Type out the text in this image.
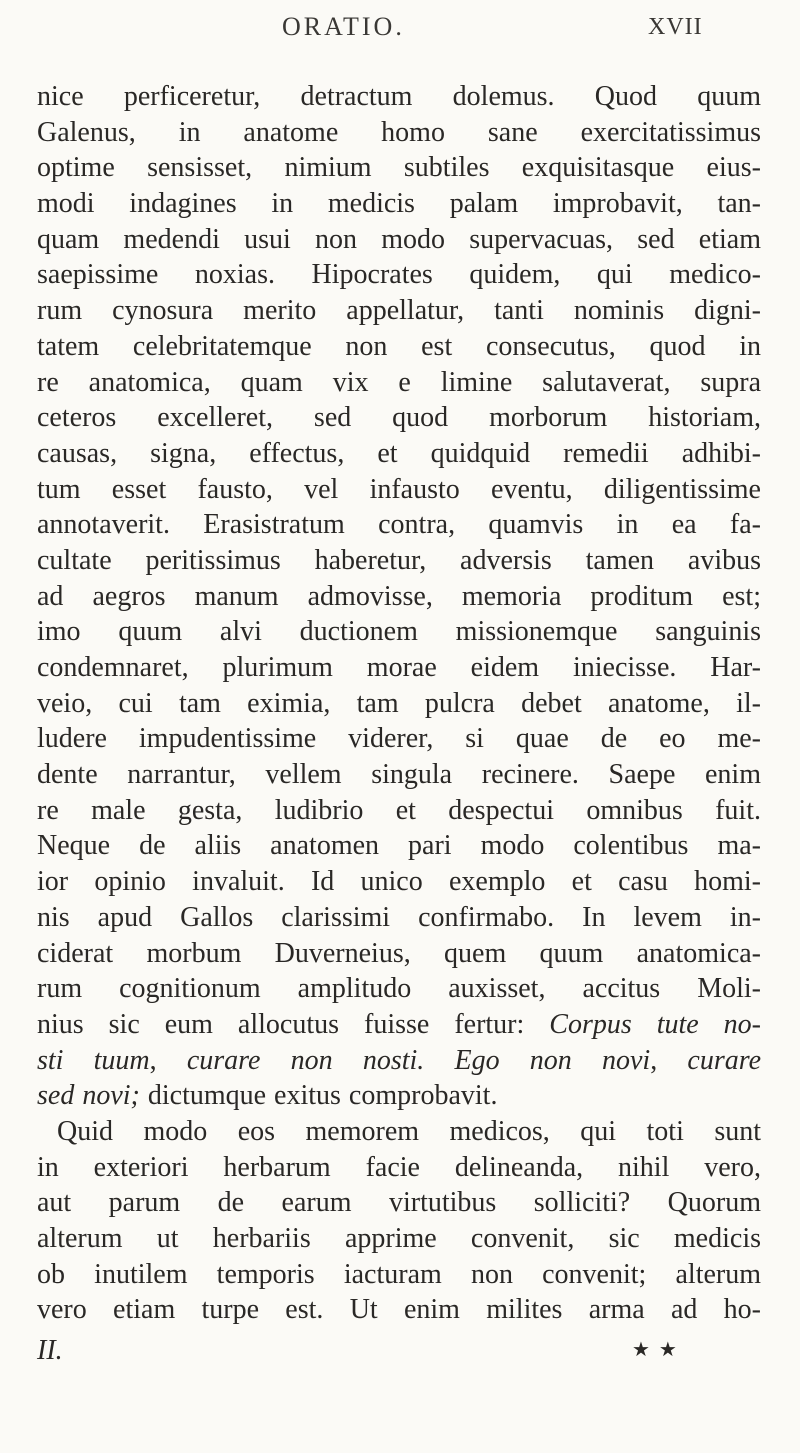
ORATIO.	XVII
nice perficeretur, detractum dolemus. Quod quum
Galenus, in anatome homo sane exercitatissimus
optime sensisset, nimium subtiles exquisitasque eius-
modi indagines in medicis palam improbavit, tan-
quam medendi usui non modo supervacuas, sed etiam
saepissime noxias. Hipocrates quidem, qui medico-
rum cynosura merito appellatur, tanti nominis digni-
tatem celebritatemque non est consecutus, quod in
re anatomica, quam vix e limine salutaverat, supra
ceteros excelleret, sed quod morborum historiam,
causas, signa, effectus, et quidquid remedii adhibi-
tum esset fausto, vel infausto eventu, diligentissime
annotaverit. Erasistratum contra, quamvis in ea fa-
cultate peritissimus haberetur, adversis tamen avibus
ad aegros manum admovisse, memoria proditum est;
imo quum alvi ductionem missionemque sanguinis
condemnaret, plurimum morae eidem iniecisse. Har-
veio, cui tam eximia, tam pulcra debet anatome, il-
ludere impudentissime viderer, si quae de eo me-
dente narrantur, vellem singula recinere. Saepe enim
re male gesta, ludibrio et despectui omnibus fuit.
Neque de aliis anatomen pari modo colentibus ma-
ior opinio invaluit. Id unico exemplo et casu homi-
nis apud Gallos clarissimi confirmabo. In levem in-
ciderat morbum Duverneius, quem quum anatomica-
rum cognitionum amplitudo auxisset, accitus Moli-
nius sic eum allocutus fuisse fertur: Corpus tute no-
sti tuum, curare non nosti. Ego non novi, curare
sed novi; dictumque exitus comprobavit.
Quid modo eos memorem medicos, qui toti sunt
in exteriori herbarum facie delineanda, nihil vero,
aut parum de earum virtutibus solliciti? Quorum
alterum ut herbariis apprime convenit, sic medicis
ob inutilem temporis iacturam non convenit; alterum
vero etiam turpe est. Ut enim milites arma ad ho-
II.	★ ★
